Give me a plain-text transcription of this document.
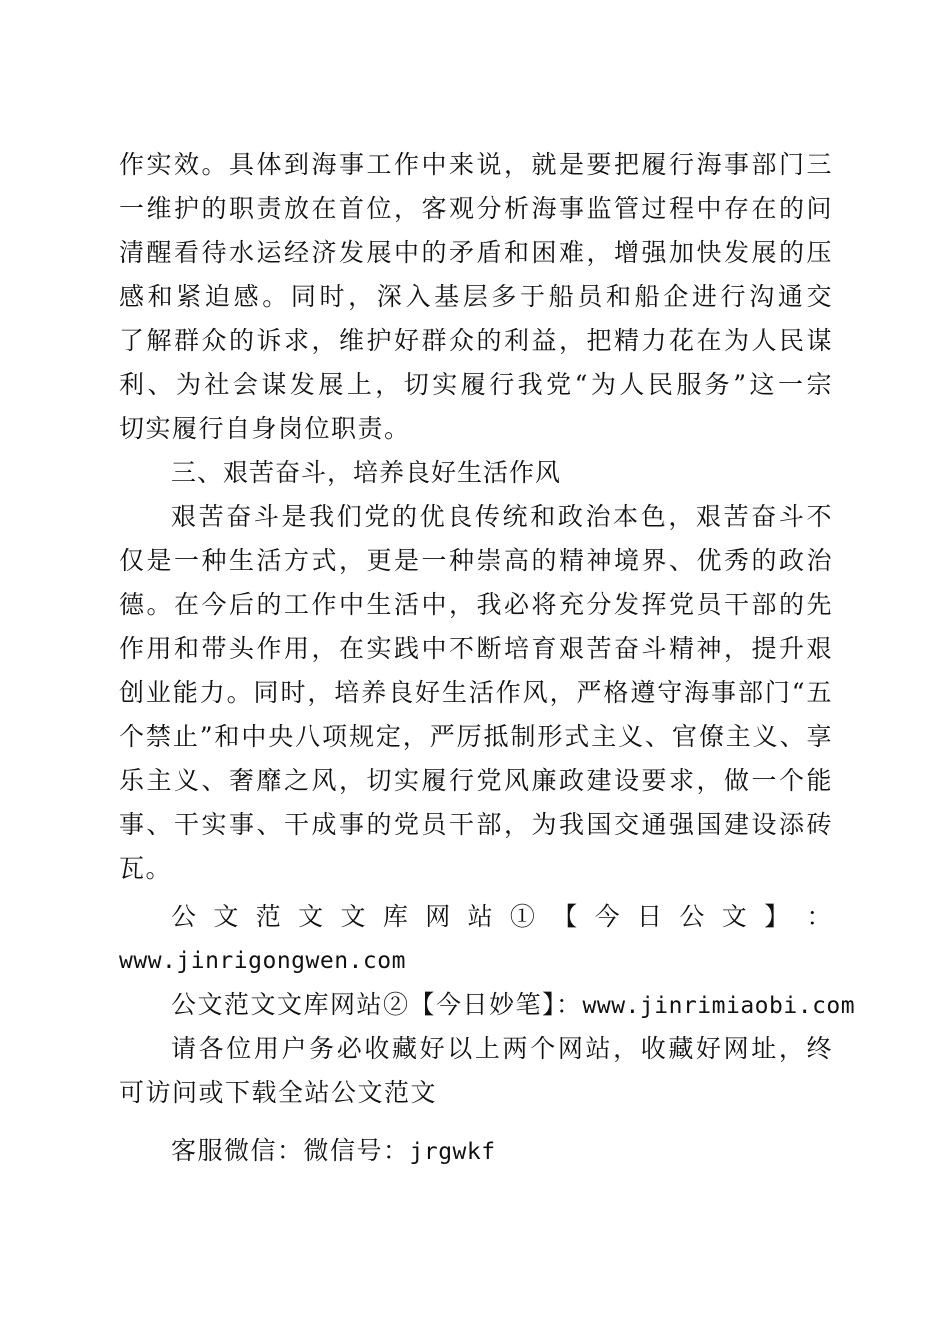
作实效。具体到海事工作中来说，就是要把履行海事部门三
一维护的职责放在首位，客观分析海事监管过程中存在的问
清醒看待水运经济发展中的矛盾和困难，增强加快发展的压
感和紧迫感。同时，深入基层多于船员和船企进行沟通交
了解群众的诉求，维护好群众的利益，把精力花在为人民谋
利、为社会谋发展上，切实履行我党“为人民服务”这一宗
切实履行自身岗位职责。
三、艰苦奋斗，培养良好生活作风
艰苦奋斗是我们党的优良传统和政治本色，艰苦奋斗不
仅是一种生活方式，更是一种崇高的精神境界、优秀的政治
德。在今后的工作中生活中，我必将充分发挥党员干部的先
作用和带头作用，在实践中不断培育艰苦奋斗精神，提升艰
创业能力。同时，培养良好生活作风，严格遵守海事部门“五
个禁止”和中央八项规定，严厉抵制形式主义、官僚主义、享
乐主义、奢靡之风，切实履行党风廉政建设要求，做一个能
事、干实事、干成事的党员干部，为我国交通强国建设添砖
瓦。
公 文 范 文 文 库 网 站 ① 【 今 日 公 文 】 ：
www.jinrigongwen.com
公文范文文库网站②【今日妙笔】：www.jinrimiaobi.com
请各位用户务必收藏好以上两个网站，收藏好网址，终
可访问或下载全站公文范文
客服微信：微信号：jrgwkf
